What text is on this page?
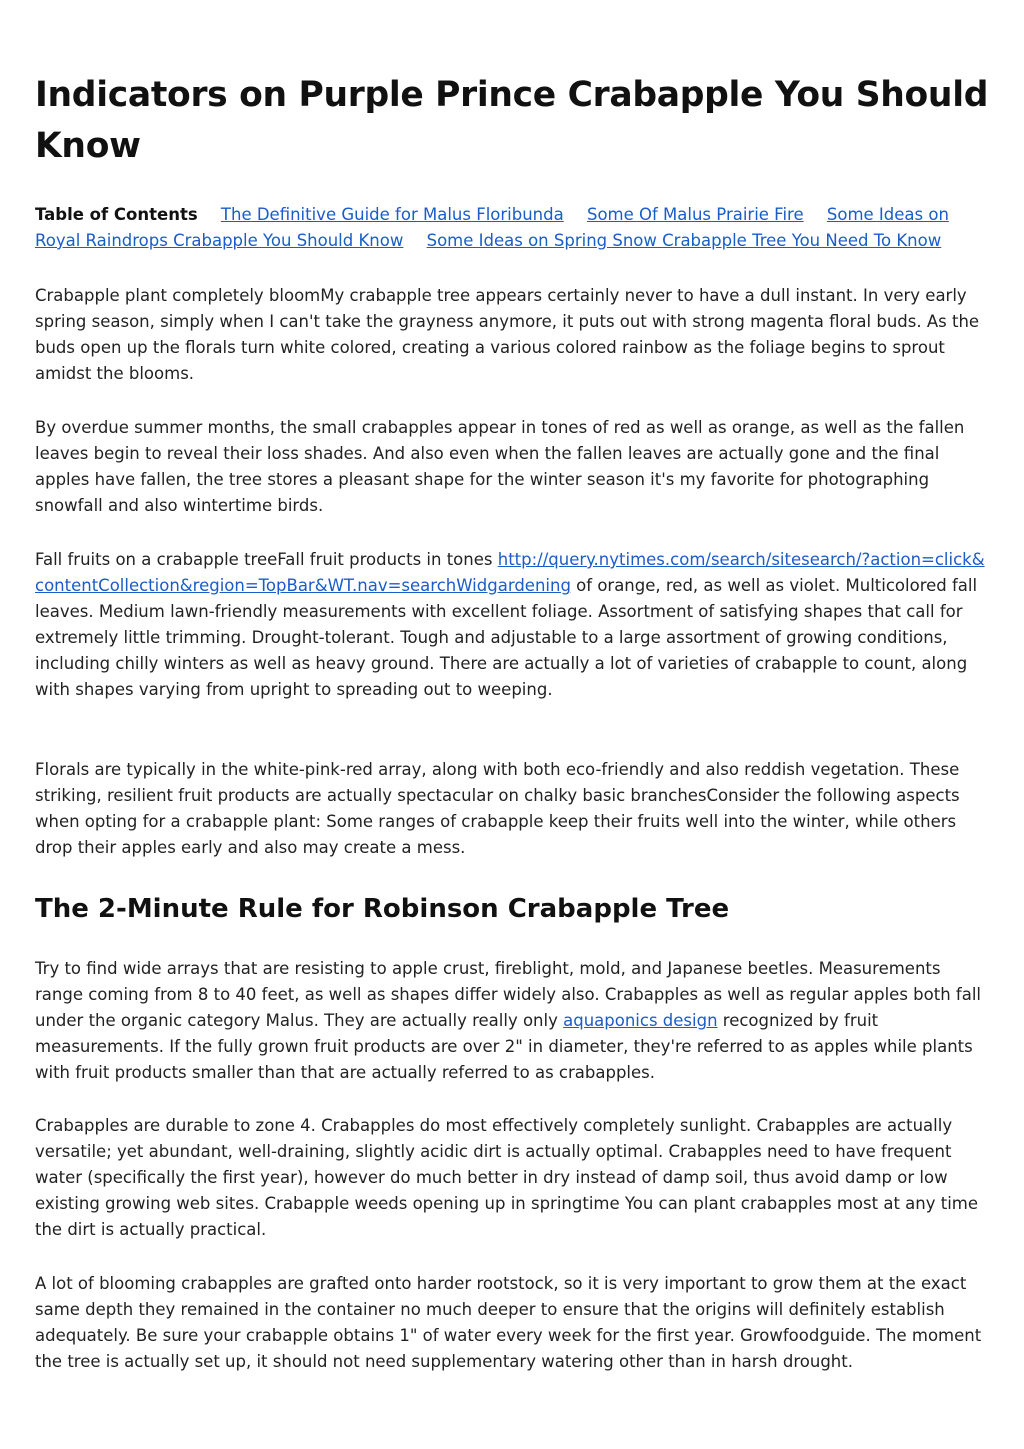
Indicators on Purple Prince Crabapple You Should Know
Table of Contents The Definitive Guide for Malus Floribunda Some Of Malus Prairie Fire Some Ideas on Royal Raindrops Crabapple You Should Know Some Ideas on Spring Snow Crabapple Tree You Need To Know

Crabapple plant completely bloomMy crabapple tree appears certainly never to have a dull instant. In very early spring season, simply when I can't take the grayness anymore, it puts out with strong magenta floral buds. As the buds open up the florals turn white colored, creating a various colored rainbow as the foliage begins to sprout amidst the blooms.

By overdue summer months, the small crabapples appear in tones of red as well as orange, as well as the fallen leaves begin to reveal their loss shades. And also even when the fallen leaves are actually gone and the final apples have fallen, the tree stores a pleasant shape for the winter season it's my favorite for photographing snowfall and also wintertime birds.

Fall fruits on a crabapple treeFall fruit products in tones http://query.nytimes.com/search/sitesearch/?action=click&contentCollection&region=TopBar&WT.nav=searchWidgardening of orange, red, as well as violet. Multicolored fall leaves. Medium lawn-friendly measurements with excellent foliage. Assortment of satisfying shapes that call for extremely little trimming. Drought-tolerant. Tough and adjustable to a large assortment of growing conditions, including chilly winters as well as heavy ground. There are actually a lot of varieties of crabapple to count, along with shapes varying from upright to spreading out to weeping.

Florals are typically in the white-pink-red array, along with both eco-friendly and also reddish vegetation. These striking, resilient fruit products are actually spectacular on chalky basic branchesConsider the following aspects when opting for a crabapple plant: Some ranges of crabapple keep their fruits well into the winter, while others drop their apples early and also may create a mess.

The 2-Minute Rule for Robinson Crabapple Tree

Try to find wide arrays that are resisting to apple crust, fireblight, mold, and Japanese beetles. Measurements range coming from 8 to 40 feet, as well as shapes differ widely also. Crabapples as well as regular apples both fall under the organic category Malus. They are actually really only aquaponics design recognized by fruit measurements. If the fully grown fruit products are over 2" in diameter, they're referred to as apples while plants with fruit products smaller than that are actually referred to as crabapples.

Crabapples are durable to zone 4. Crabapples do most effectively completely sunlight. Crabapples are actually versatile; yet abundant, well-draining, slightly acidic dirt is actually optimal. Crabapples need to have frequent water (specifically the first year), however do much better in dry instead of damp soil, thus avoid damp or low existing growing web sites. Crabapple weeds opening up in springtime You can plant crabapples most at any time the dirt is actually practical.

A lot of blooming crabapples are grafted onto harder rootstock, so it is very important to grow them at the exact same depth they remained in the container no much deeper to ensure that the origins will definitely establish adequately. Be sure your crabapple obtains 1" of water every week for the first year. Growfoodguide. The moment the tree is actually set up, it should not need supplementary watering other than in harsh drought.
